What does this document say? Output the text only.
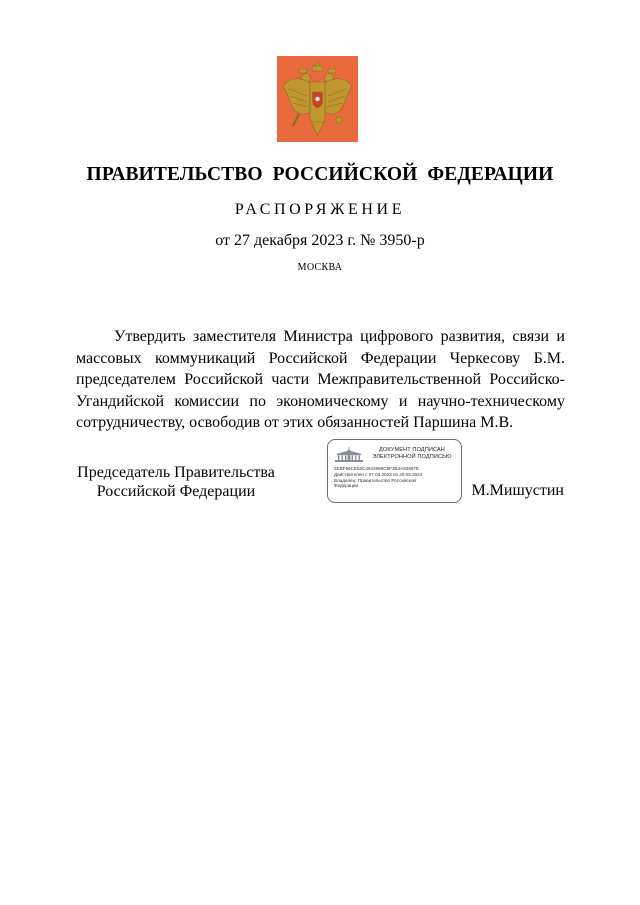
ПРАВИТЕЛЬСТВО РОССИЙСКОЙ ФЕДЕРАЦИИ
РАСПОРЯЖЕНИЕ
от 27 декабря 2023 г. № 3950-р
МОСКВА

Утвердить заместителя Министра цифрового развития, связи и массовых коммуникаций Российской Федерации Черкесову Б.М. председателем Российской части Межправительственной Российско-Угандийской комиссии по экономическому и научно-техническому сотрудничеству, освободив от этих обязанностей Паршина М.В.

Председатель Правительства
Российской Федерации
ДОКУМЕНТ ПОДПИСАН
ЭЛЕКТРОННОЙ ПОДПИСЬЮ
2EBF99CE53C4642666C6F3B4A83867E
Действителен с 07.03.2023 по 30.05.2024
Владелец: Правительство Российской
Федерации	М.Мишустин
